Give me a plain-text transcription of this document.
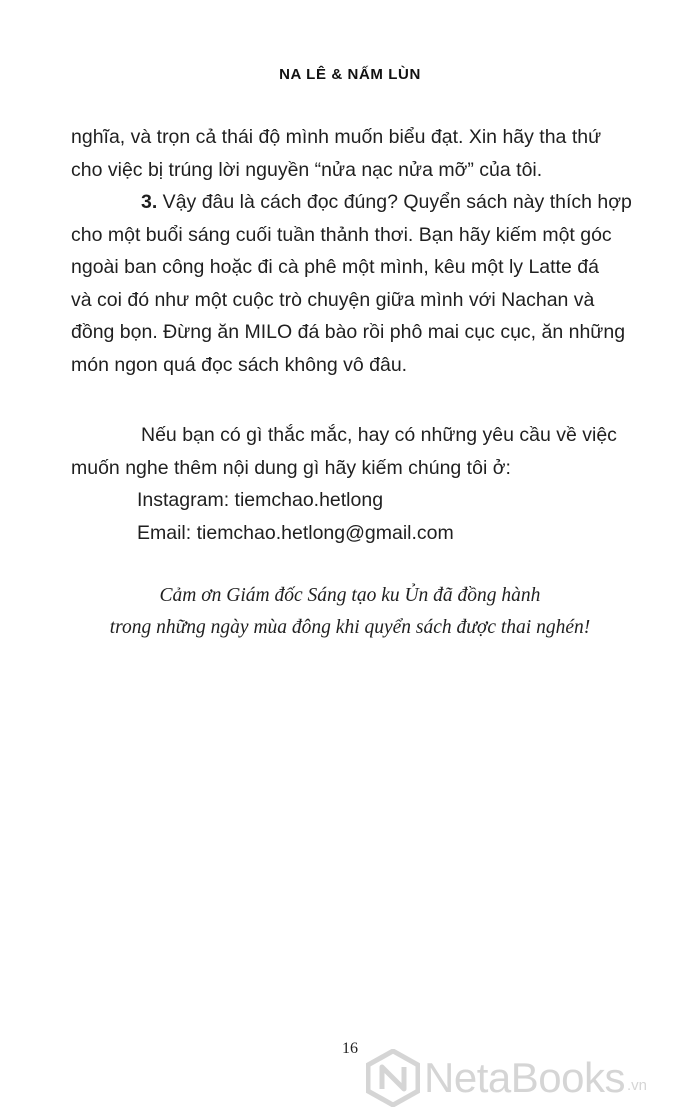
NA LÊ & NẤM LÙN
nghĩa, và trọn cả thái độ mình muốn biểu đạt. Xin hãy tha thứ
cho việc bị trúng lời nguyền “nửa nạc nửa mỡ” của tôi.
3. Vậy đâu là cách đọc đúng? Quyển sách này thích hợp
cho một buổi sáng cuối tuần thảnh thơi. Bạn hãy kiếm một góc
ngoài ban công hoặc đi cà phê một mình, kêu một ly Latte đá
và coi đó như một cuộc trò chuyện giữa mình với Nachan và
đồng bọn. Đừng ăn MILO đá bào rồi phô mai cục cục, ăn những
món ngon quá đọc sách không vô đâu.
Nếu bạn có gì thắc mắc, hay có những yêu cầu về việc
muốn nghe thêm nội dung gì hãy kiếm chúng tôi ở:
Instagram: tiemchao.hetlong
Email: tiemchao.hetlong@gmail.com
Cảm ơn Giám đốc Sáng tạo ku Ủn đã đồng hành
trong những ngày mùa đông khi quyển sách được thai nghén!
16
NetaBooks .vn
